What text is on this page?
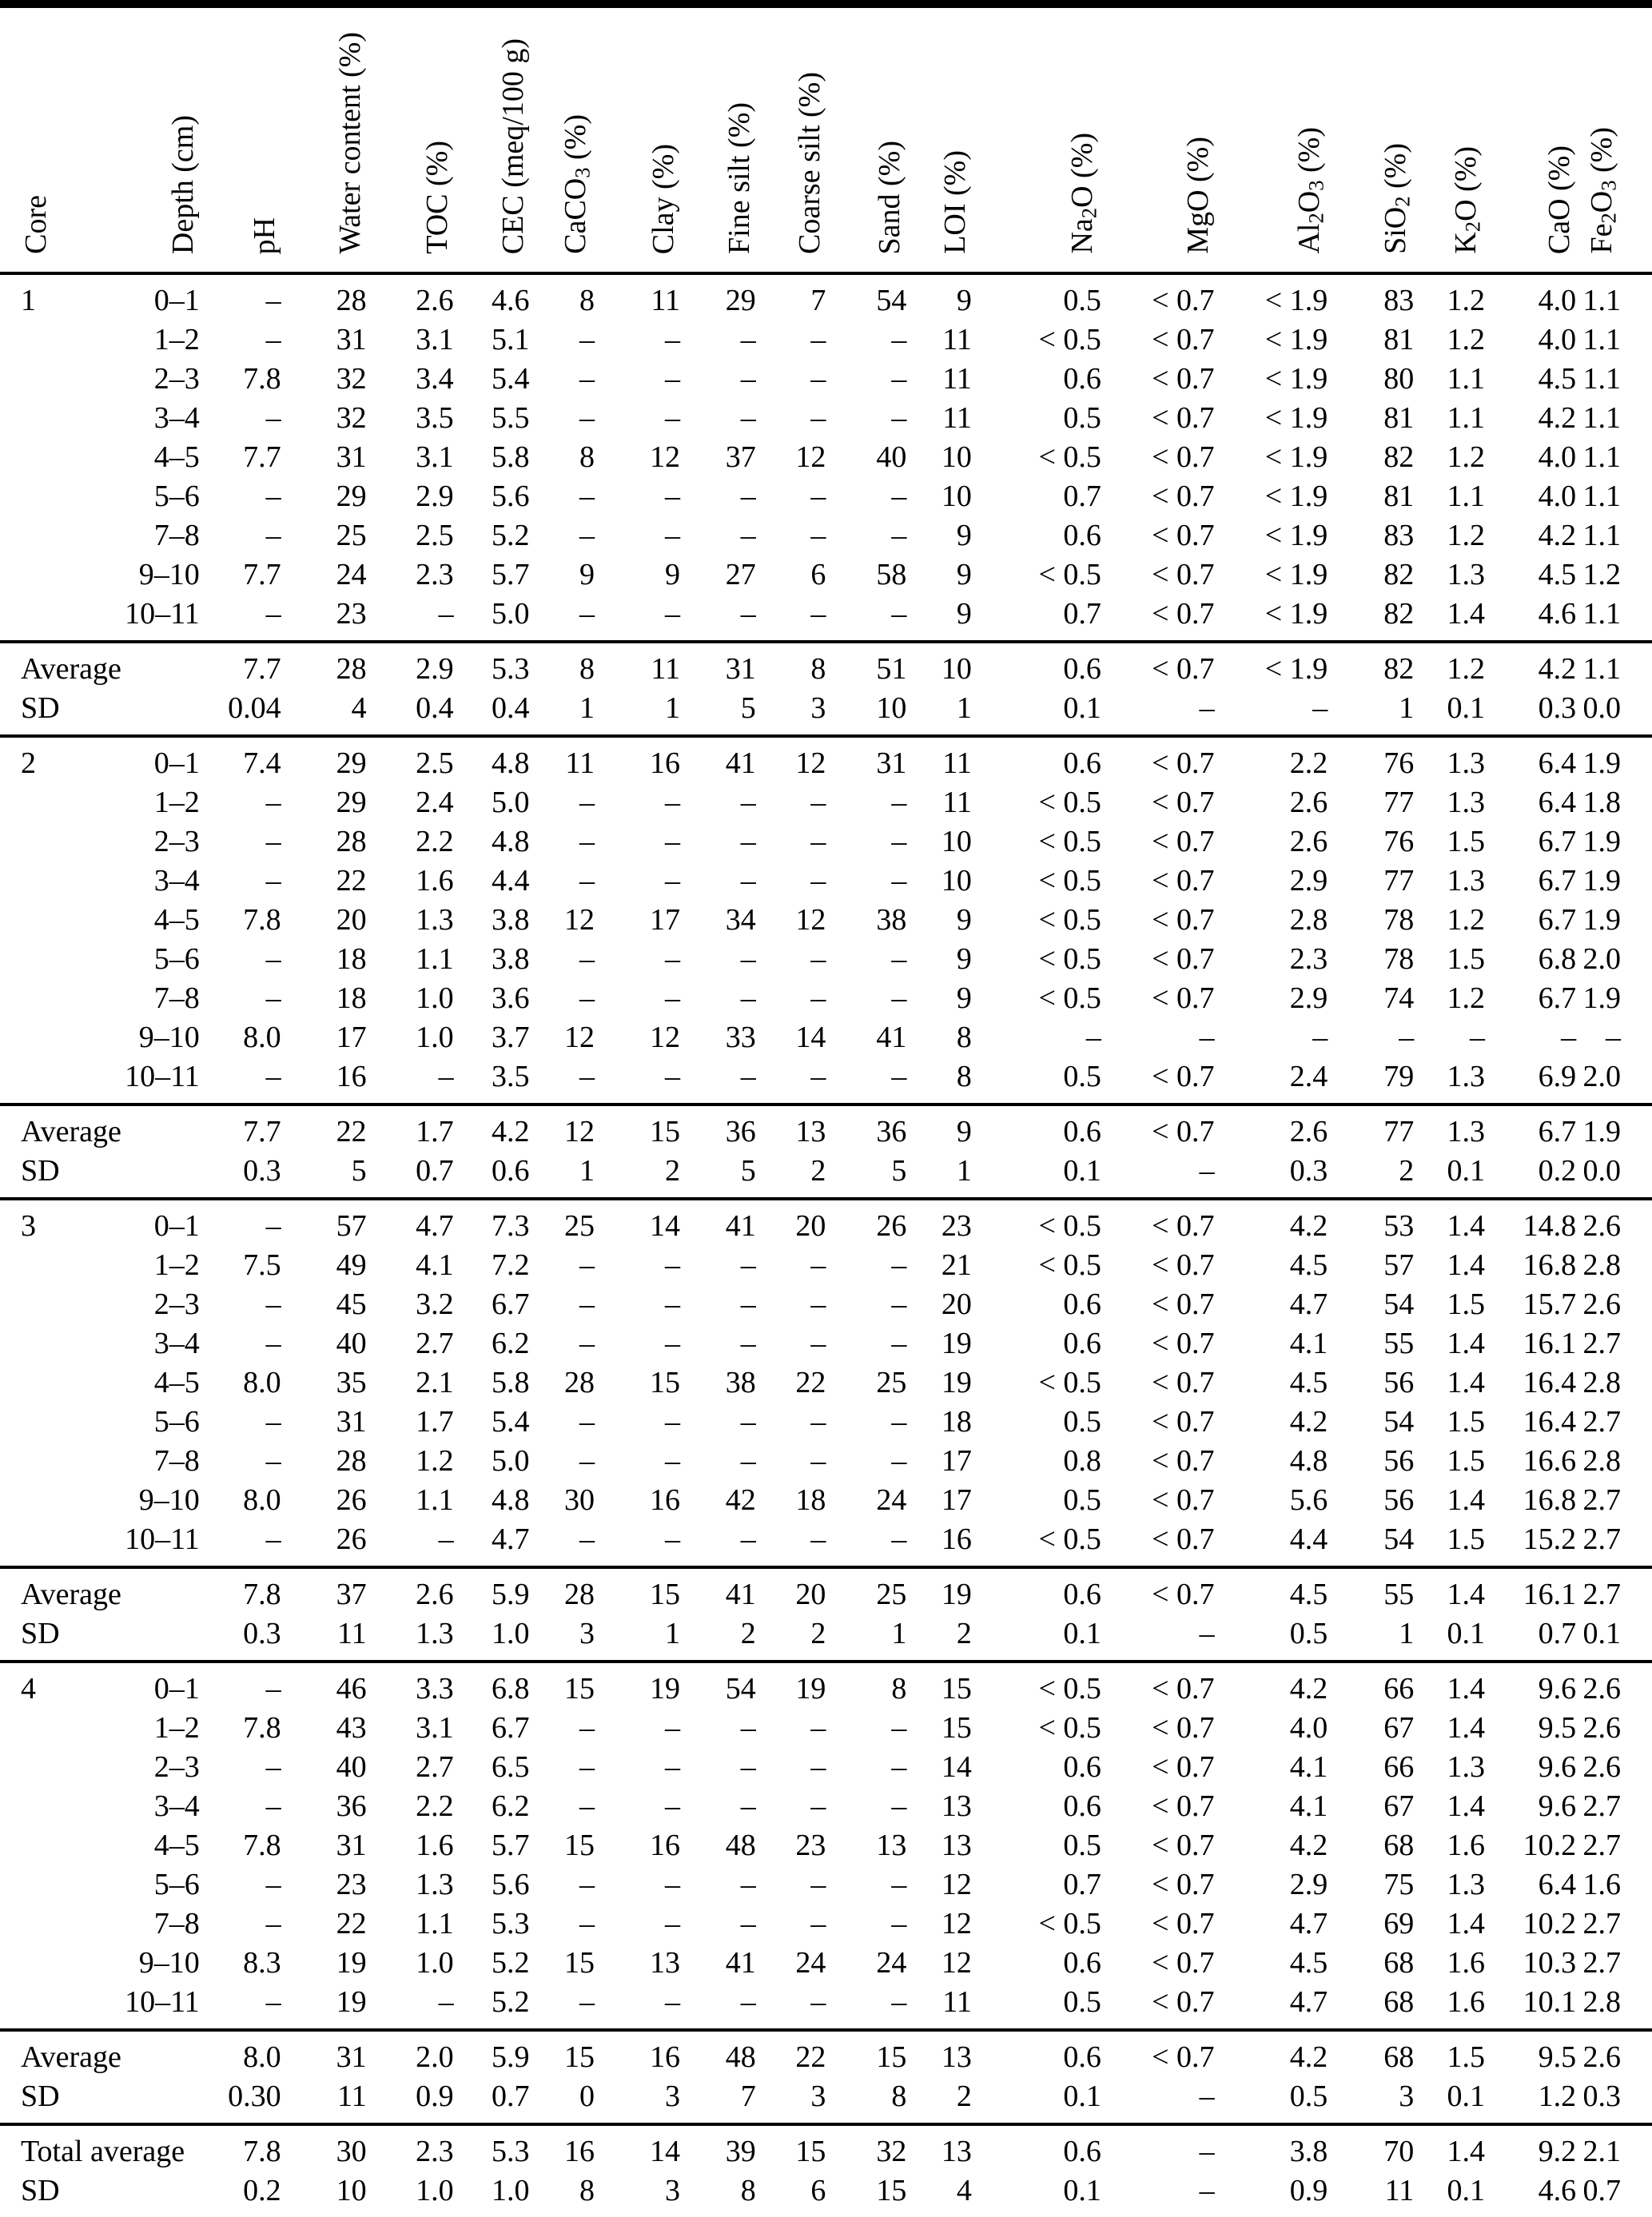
Core	Depth (cm)	pH	Water content (%)	TOC (%)	CEC (meq/100 g)	CaCO$_3$ (%)	Clay (%)	Fine silt (%)	Coarse silt (%)	Sand (%)	LOI (%)	$Na_2O$ (%)	MgO (%)	$Al_2O_3$ (%)	SiO$_2$ (%)	$K_2O$ (%)	CaO (%)	$Fe_2O_3$ (%)
1	0–1	–	28	2.6	4.6	8	11	29	7	54	9	0.5	< 0.7	< 1.9	83	1.2	4.0	1.1
	1–2	–	31	3.1	5.1	–	–	–	–	–	11	< 0.5	< 0.7	< 1.9	81	1.2	4.0	1.1
	2–3	7.8	32	3.4	5.4	–	–	–	–	–	11	0.6	< 0.7	< 1.9	80	1.1	4.5	1.1
	3–4	–	32	3.5	5.5	–	–	–	–	–	11	0.5	< 0.7	< 1.9	81	1.1	4.2	1.1
	4–5	7.7	31	3.1	5.8	8	12	37	12	40	10	< 0.5	< 0.7	< 1.9	82	1.2	4.0	1.1
	5–6	–	29	2.9	5.6	–	–	–	–	–	10	0.7	< 0.7	< 1.9	81	1.1	4.0	1.1
	7–8	–	25	2.5	5.2	–	–	–	–	–	9	0.6	< 0.7	< 1.9	83	1.2	4.2	1.1
	9–10	7.7	24	2.3	5.7	9	9	27	6	58	9	< 0.5	< 0.7	< 1.9	82	1.3	4.5	1.2
	10–11	–	23	–	5.0	–	–	–	–	–	9	0.7	< 0.7	< 1.9	82	1.4	4.6	1.1
Average		7.7	28	2.9	5.3	8	11	31	8	51	10	0.6	< 0.7	< 1.9	82	1.2	4.2	1.1
SD		0.04	4	0.4	0.4	1	1	5	3	10	1	0.1	–	–	1	0.1	0.3	0.0
2	0–1	7.4	29	2.5	4.8	11	16	41	12	31	11	0.6	< 0.7	2.2	76	1.3	6.4	1.9
	1–2	–	29	2.4	5.0	–	–	–	–	–	11	< 0.5	< 0.7	2.6	77	1.3	6.4	1.8
	2–3	–	28	2.2	4.8	–	–	–	–	–	10	< 0.5	< 0.7	2.6	76	1.5	6.7	1.9
	3–4	–	22	1.6	4.4	–	–	–	–	–	10	< 0.5	< 0.7	2.9	77	1.3	6.7	1.9
	4–5	7.8	20	1.3	3.8	12	17	34	12	38	9	< 0.5	< 0.7	2.8	78	1.2	6.7	1.9
	5–6	–	18	1.1	3.8	–	–	–	–	–	9	< 0.5	< 0.7	2.3	78	1.5	6.8	2.0
	7–8	–	18	1.0	3.6	–	–	–	–	–	9	< 0.5	< 0.7	2.9	74	1.2	6.7	1.9
	9–10	8.0	17	1.0	3.7	12	12	33	14	41	8	–	–	–	–	–	–	–
	10–11	–	16	–	3.5	–	–	–	–	–	8	0.5	< 0.7	2.4	79	1.3	6.9	2.0
Average		7.7	22	1.7	4.2	12	15	36	13	36	9	0.6	< 0.7	2.6	77	1.3	6.7	1.9
SD		0.3	5	0.7	0.6	1	2	5	2	5	1	0.1	–	0.3	2	0.1	0.2	0.0
3	0–1	–	57	4.7	7.3	25	14	41	20	26	23	< 0.5	< 0.7	4.2	53	1.4	14.8	2.6
	1–2	7.5	49	4.1	7.2	–	–	–	–	–	21	< 0.5	< 0.7	4.5	57	1.4	16.8	2.8
	2–3	–	45	3.2	6.7	–	–	–	–	–	20	0.6	< 0.7	4.7	54	1.5	15.7	2.6
	3–4	–	40	2.7	6.2	–	–	–	–	–	19	0.6	< 0.7	4.1	55	1.4	16.1	2.7
	4–5	8.0	35	2.1	5.8	28	15	38	22	25	19	< 0.5	< 0.7	4.5	56	1.4	16.4	2.8
	5–6	–	31	1.7	5.4	–	–	–	–	–	18	0.5	< 0.7	4.2	54	1.5	16.4	2.7
	7–8	–	28	1.2	5.0	–	–	–	–	–	17	0.8	< 0.7	4.8	56	1.5	16.6	2.8
	9–10	8.0	26	1.1	4.8	30	16	42	18	24	17	0.5	< 0.7	5.6	56	1.4	16.8	2.7
	10–11	–	26	–	4.7	–	–	–	–	–	16	< 0.5	< 0.7	4.4	54	1.5	15.2	2.7
Average		7.8	37	2.6	5.9	28	15	41	20	25	19	0.6	< 0.7	4.5	55	1.4	16.1	2.7
SD		0.3	11	1.3	1.0	3	1	2	2	1	2	0.1	–	0.5	1	0.1	0.7	0.1
4	0–1	–	46	3.3	6.8	15	19	54	19	8	15	< 0.5	< 0.7	4.2	66	1.4	9.6	2.6
	1–2	7.8	43	3.1	6.7	–	–	–	–	–	15	< 0.5	< 0.7	4.0	67	1.4	9.5	2.6
	2–3	–	40	2.7	6.5	–	–	–	–	–	14	0.6	< 0.7	4.1	66	1.3	9.6	2.6
	3–4	–	36	2.2	6.2	–	–	–	–	–	13	0.6	< 0.7	4.1	67	1.4	9.6	2.7
	4–5	7.8	31	1.6	5.7	15	16	48	23	13	13	0.5	< 0.7	4.2	68	1.6	10.2	2.7
	5–6	–	23	1.3	5.6	–	–	–	–	–	12	0.7	< 0.7	2.9	75	1.3	6.4	1.6
	7–8	–	22	1.1	5.3	–	–	–	–	–	12	< 0.5	< 0.7	4.7	69	1.4	10.2	2.7
	9–10	8.3	19	1.0	5.2	15	13	41	24	24	12	0.6	< 0.7	4.5	68	1.6	10.3	2.7
	10–11	–	19	–	5.2	–	–	–	–	–	11	0.5	< 0.7	4.7	68	1.6	10.1	2.8
Average		8.0	31	2.0	5.9	15	16	48	22	15	13	0.6	< 0.7	4.2	68	1.5	9.5	2.6
SD		0.30	11	0.9	0.7	0	3	7	3	8	2	0.1	–	0.5	3	0.1	1.2	0.3
Total average		7.8	30	2.3	5.3	16	14	39	15	32	13	0.6	–	3.8	70	1.4	9.2	2.1
SD		0.2	10	1.0	1.0	8	3	8	6	15	4	0.1	–	0.9	11	0.1	4.6	0.7
